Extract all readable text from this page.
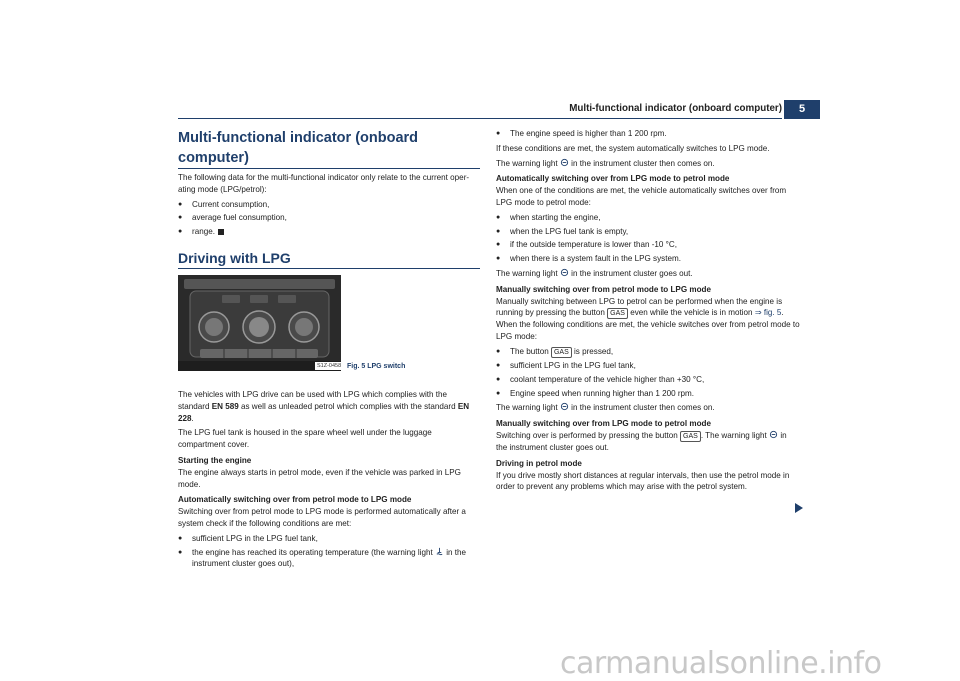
Multi-functional indicator (onboard computer)	5
Multi-functional indicator (onboard computer)

The following data for the multi-functional indicator only relate to the current oper-ating mode (LPG/petrol):

● Current consumption,
● average fuel consumption,
● range.
Driving with LPG
S1Z-0458 Fig. 5 LPG switch

The vehicles with LPG drive can be used with LPG which complies with the standard EN 589 as well as unleaded petrol which complies with the standard EN 228.

The LPG fuel tank is housed in the spare wheel well under the luggage compartment cover.

Starting the engine

The engine always starts in petrol mode, even if the vehicle was parked in LPG mode.

Automatically switching over from petrol mode to LPG mode

Switching over from petrol mode to LPG mode is performed automatically after a system check if the following conditions are met:

● sufficient LPG in the LPG fuel tank,
● the engine has reached its operating temperature (the warning light in the instrument cluster goes out),
● The engine speed is higher than 1 200 rpm.

If these conditions are met, the system automatically switches to LPG mode.

The warning light in the instrument cluster then comes on.

Automatically switching over from LPG mode to petrol mode

When one of the conditions are met, the vehicle automatically switches over from LPG mode to petrol mode:

● when starting the engine,
● when the LPG fuel tank is empty,
● if the outside temperature is lower than -10 °C,
● when there is a system fault in the LPG system.

The warning light in the instrument cluster goes out.

Manually switching over from petrol mode to LPG mode

Manually switching between LPG to petrol can be performed when the engine is running by pressing the button GAS even while the vehicle is in motion ⇒ fig. 5. When the following conditions are met, the vehicle switches over from petrol mode to LPG mode:

● The button GAS is pressed,
● sufficient LPG in the LPG fuel tank,
● coolant temperature of the vehicle higher than +30 °C,
● Engine speed when running higher than 1 200 rpm.

The warning light in the instrument cluster then comes on.

Manually switching over from LPG mode to petrol mode

Switching over is performed by pressing the button GAS . The warning light in the instrument cluster goes out.

Driving in petrol mode

If you drive mostly short distances at regular intervals, then use the petrol mode in order to prevent any problems which may arise with the petrol system.

carmanualsonline.info
